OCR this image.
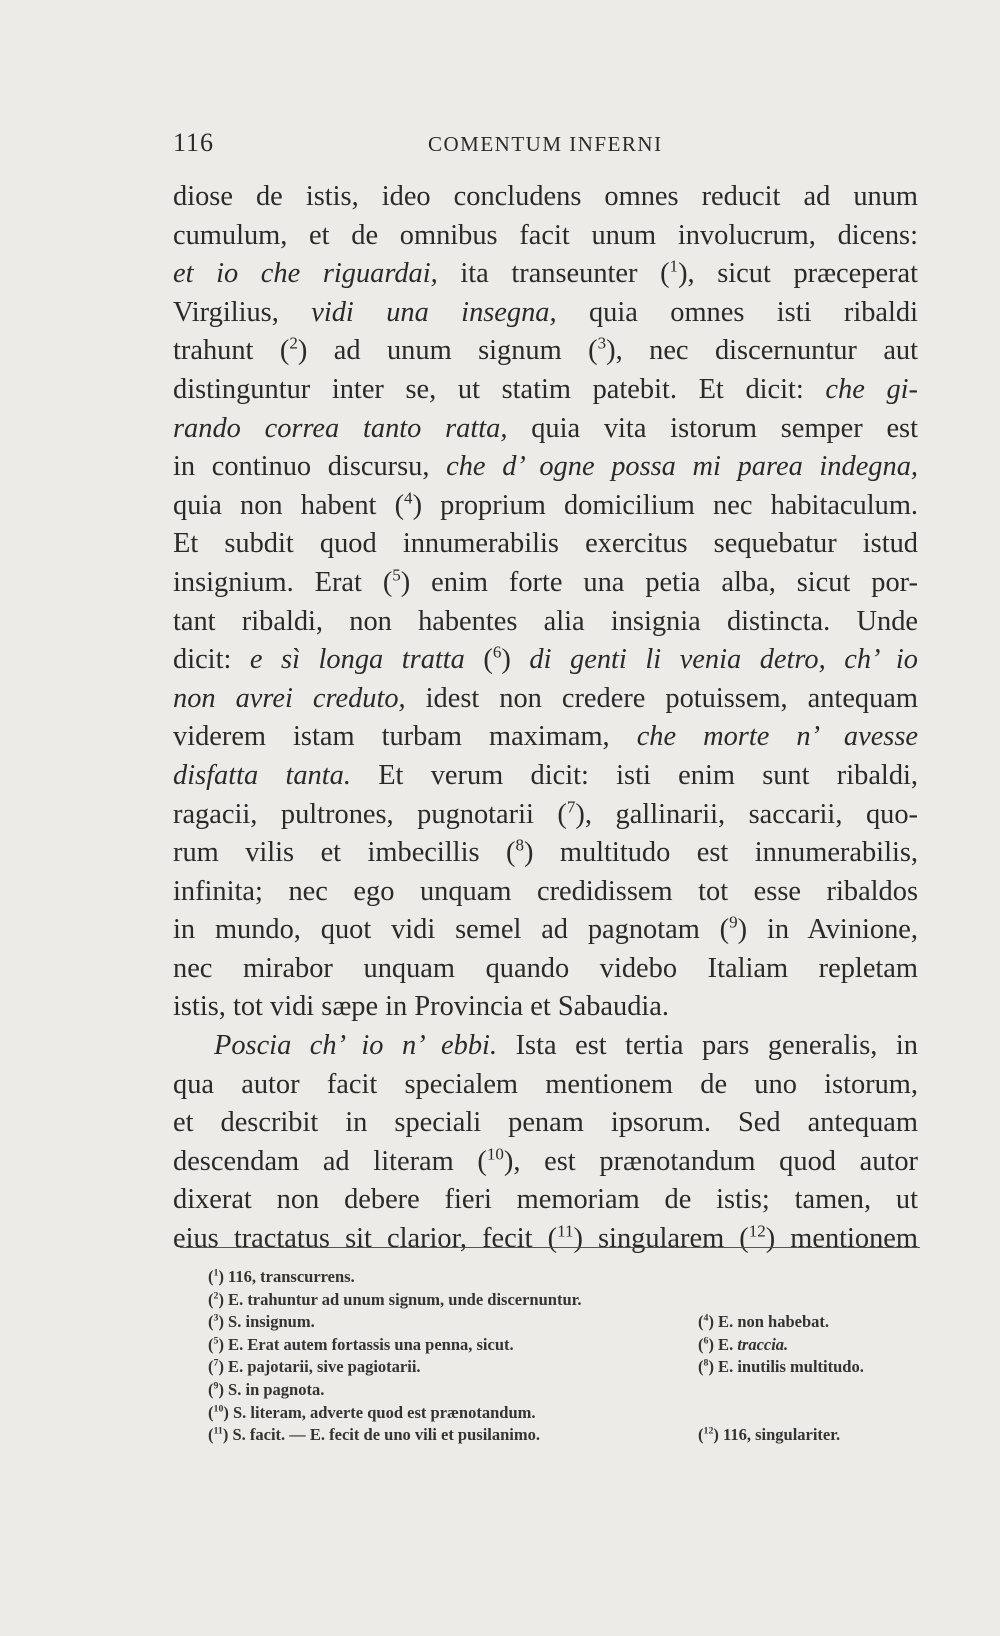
116	COMENTUM INFERNI
diose de istis, ideo concludens omnes reducit ad unum
cumulum, et de omnibus facit unum involucrum, dicens:
et io che riguardai, ita transeunter ($^1$), sicut præceperat
Virgilius, vidi una insegna, quia omnes isti ribaldi
trahunt ($^2$) ad unum signum ($^3$), nec discernuntur aut
distinguntur inter se, ut statim patebit. Et dicit: che gi-
rando correa tanto ratta, quia vita istorum semper est
in continuo discursu, che d’ ogne possa mi parea indegna,
quia non habent ($^4$) proprium domicilium nec habitaculum.
Et subdit quod innumerabilis exercitus sequebatur istud
insignium. Erat ($^5$) enim forte una petia alba, sicut por-
tant ribaldi, non habentes alia insignia distincta. Unde
dicit: e sì longa tratta ($^6$) di genti li venia detro, ch’ io
non avrei creduto, idest non credere potuissem, antequam
viderem istam turbam maximam, che morte n’ avesse
disfatta tanta. Et verum dicit: isti enim sunt ribaldi,
ragacii, pultrones, pugnotarii ($^7$), gallinarii, saccarii, quo-
rum vilis et imbecillis ($^8$) multitudo est innumerabilis,
infinita; nec ego unquam credidissem tot esse ribaldos
in mundo, quot vidi semel ad pagnotam ($^9$) in Avinione,
nec mirabor unquam quando videbo Italiam repletam
istis, tot vidi sæpe in Provincia et Sabaudia.
Poscia ch’ io n’ ebbi. Ista est tertia pars generalis, in
qua autor facit specialem mentionem de uno istorum,
et describit in speciali penam ipsorum. Sed antequam
descendam ad literam ($^{10}$), est prænotandum quod autor
dixerat non debere fieri memoriam de istis; tamen, ut
eius tractatus sit clarior, fecit ($^{11}$) singularem ($^{12}$) mentionem
($^1$) 116, transcurrens.
($^2$) E. trahuntur ad unum signum, unde discernuntur.
($^3$) S. insignum.	($^4$) E. non habebat.
($^5$) E. Erat autem fortassis una penna, sicut.	($^6$) E. traccia.
($^7$) E. pajotarii, sive pagiotarii.	($^8$) E. inutilis multitudo.
($^9$) S. in pagnota.
($^{10}$) S. literam, adverte quod est prænotandum.
($^{11}$) S. facit. — E. fecit de uno vili et pusilanimo.	($^{12}$) 116, singulariter.
